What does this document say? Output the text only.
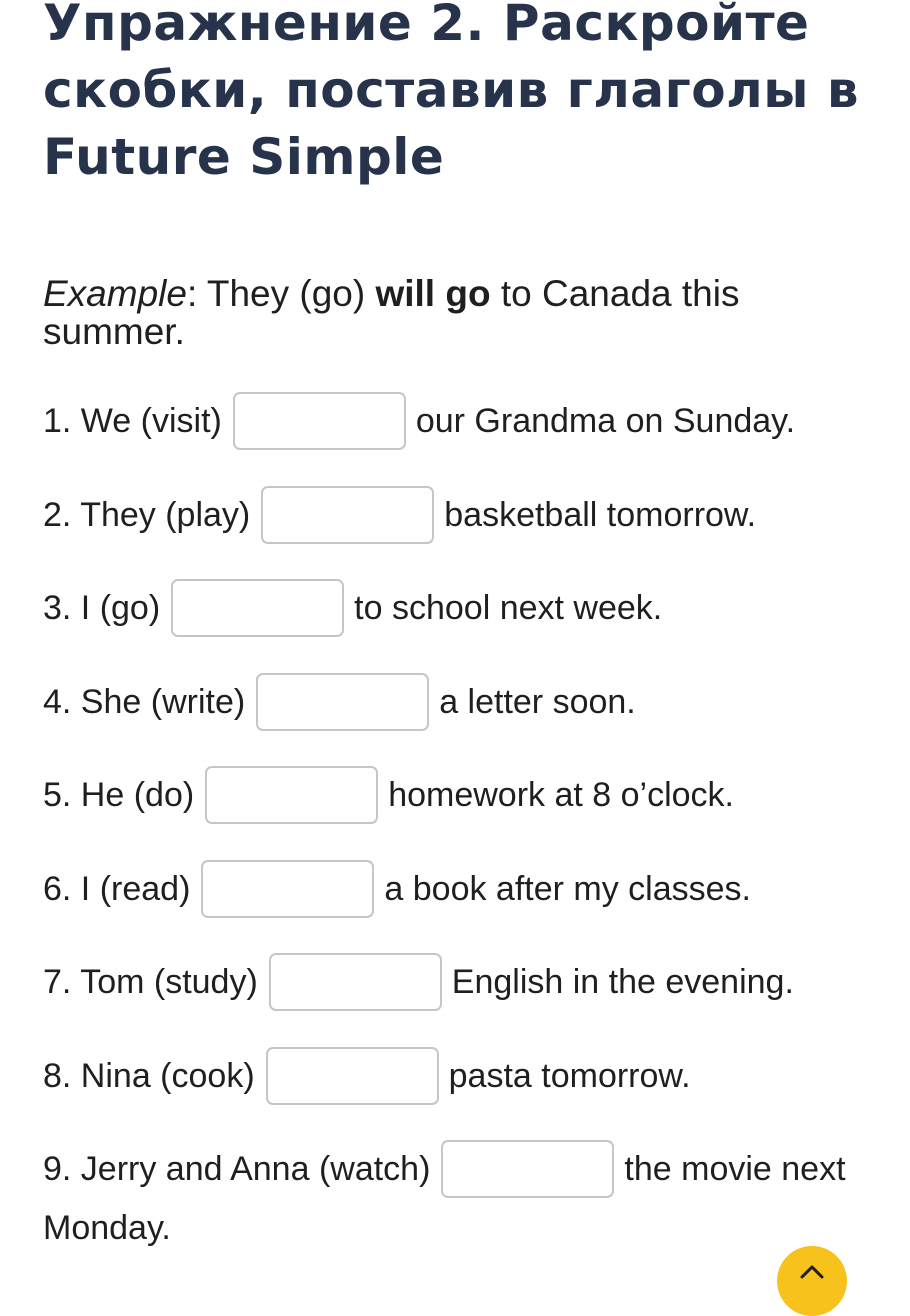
Упражнение 2. Раскройте скобки, поставив глаголы в Future Simple

Example: They (go) will go to Canada this summer.

1. We (visit)	our Grandma on Sunday.
2. They (play)	basketball tomorrow.
3. I (go)	to school next week.
4. She (write)	a letter soon.
5. He (do)	homework at 8 o’clock.
6. I (read)	a book after my classes.
7. Tom (study)	English in the evening.
8. Nina (cook)	pasta tomorrow.
9. Jerry and Anna (watch)	the movie next
Monday.
